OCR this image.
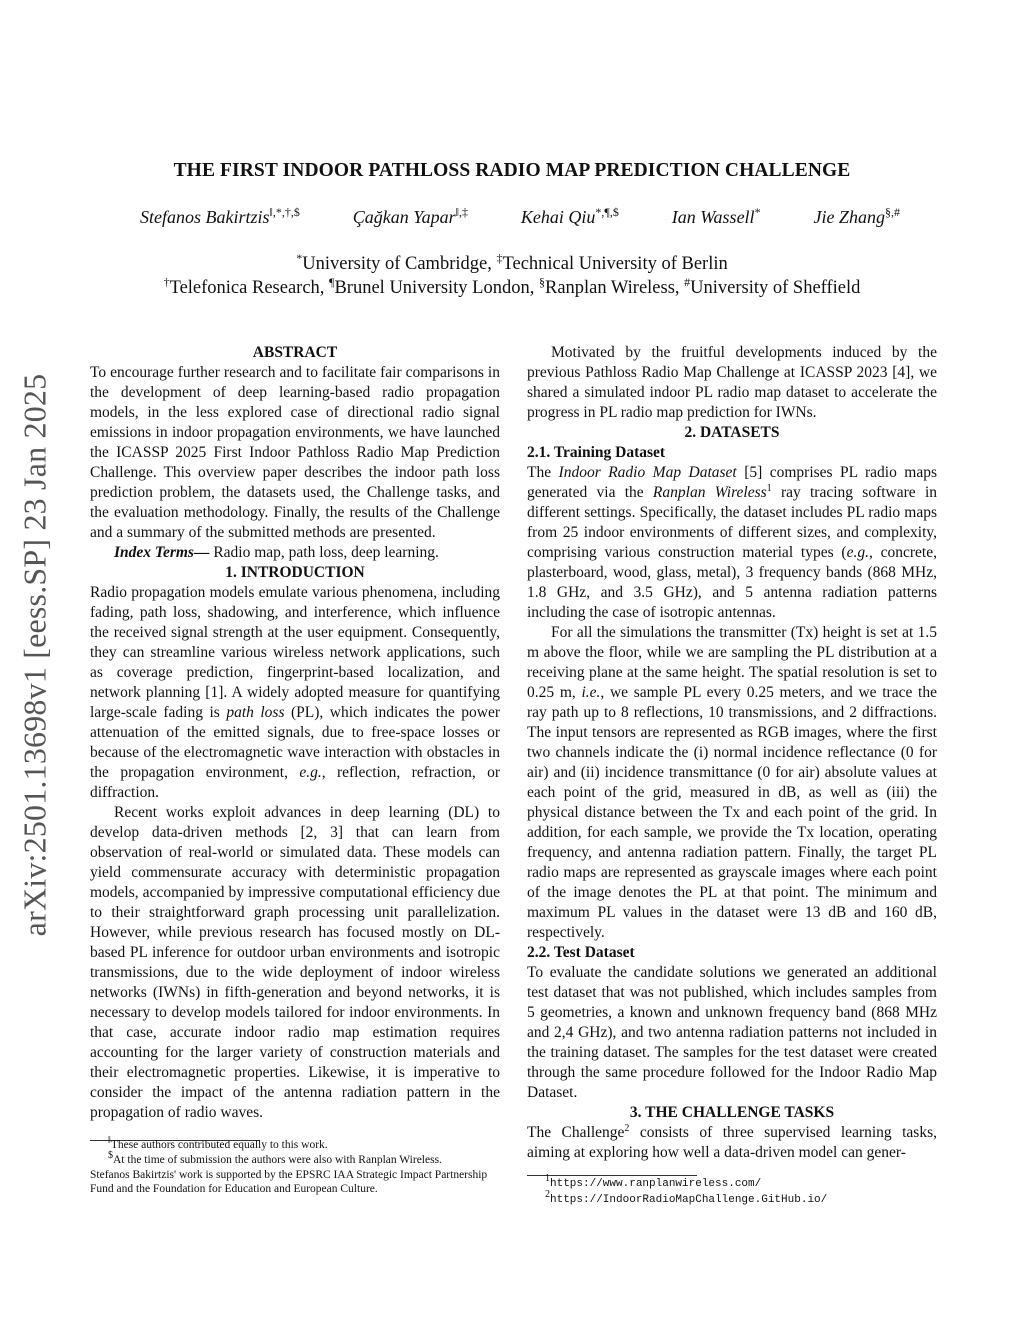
arXiv:2501.13698v1 [eess.SP] 23 Jan 2025
THE FIRST INDOOR PATHLOSS RADIO MAP PREDICTION CHALLENGE
Stefanos Bakirtzis‖,*,†,$	Çağkan Yapar‖,‡	Kehai Qiu*,¶,$	Ian Wassell*	Jie Zhang§,#
*University of Cambridge, ‡Technical University of Berlin
†Telefonica Research, ¶Brunel University London, §Ranplan Wireless, #University of Sheffield
ABSTRACT

To encourage further research and to facilitate fair comparisons in the development of deep learning-based radio propagation models, in the less explored case of directional radio signal emissions in indoor propagation environments, we have launched the ICASSP 2025 First Indoor Pathloss Radio Map Prediction Challenge. This overview paper describes the indoor path loss prediction problem, the datasets used, the Challenge tasks, and the evaluation methodology. Finally, the results of the Challenge and a summary of the submitted methods are presented.

Index Terms— Radio map, path loss, deep learning.

1. INTRODUCTION

Radio propagation models emulate various phenomena, including fading, path loss, shadowing, and interference, which influence the received signal strength at the user equipment. Consequently, they can streamline various wireless network applications, such as coverage prediction, fingerprint-based localization, and network planning [1]. A widely adopted measure for quantifying large-scale fading is path loss (PL), which indicates the power attenuation of the emitted signals, due to free-space losses or because of the electromagnetic wave interaction with obstacles in the propagation environment, e.g., reflection, refraction, or diffraction.

Recent works exploit advances in deep learning (DL) to develop data-driven methods [2, 3] that can learn from observation of real-world or simulated data. These models can yield commensurate accuracy with deterministic propagation models, accompanied by impressive computational efficiency due to their straightforward graph processing unit parallelization. However, while previous research has focused mostly on DL-based PL inference for outdoor urban environments and isotropic transmissions, due to the wide deployment of indoor wireless networks (IWNs) in fifth-generation and beyond networks, it is necessary to develop models tailored for indoor environments. In that case, accurate indoor radio map estimation requires accounting for the larger variety of construction materials and their electromagnetic properties. Likewise, it is imperative to consider the impact of the antenna radiation pattern in the propagation of radio waves.

‖These authors contributed equally to this work.

$At the time of submission the authors were also with Ranplan Wireless.

Stefanos Bakirtzis' work is supported by the EPSRC IAA Strategic Impact Partnership Fund and the Foundation for Education and European Culture.

Motivated by the fruitful developments induced by the previous Pathloss Radio Map Challenge at ICASSP 2023 [4], we shared a simulated indoor PL radio map dataset to accelerate the progress in PL radio map prediction for IWNs.

2. DATASETS
2.1. Training Dataset

The Indoor Radio Map Dataset [5] comprises PL radio maps generated via the Ranplan Wireless$^1$ ray tracing software in different settings. Specifically, the dataset includes PL radio maps from 25 indoor environments of different sizes, and complexity, comprising various construction material types (e.g., concrete, plasterboard, wood, glass, metal), 3 frequency bands (868 MHz, 1.8 GHz, and 3.5 GHz), and 5 antenna radiation patterns including the case of isotropic antennas.

For all the simulations the transmitter (Tx) height is set at 1.5 m above the floor, while we are sampling the PL distribution at a receiving plane at the same height. The spatial resolution is set to 0.25 m, i.e., we sample PL every 0.25 meters, and we trace the ray path up to 8 reflections, 10 transmissions, and 2 diffractions. The input tensors are represented as RGB images, where the first two channels indicate the (i) normal incidence reflectance (0 for air) and (ii) incidence transmittance (0 for air) absolute values at each point of the grid, measured in dB, as well as (iii) the physical distance between the Tx and each point of the grid. In addition, for each sample, we provide the Tx location, operating frequency, and antenna radiation pattern. Finally, the target PL radio maps are represented as grayscale images where each point of the image denotes the PL at that point. The minimum and maximum PL values in the dataset were 13 dB and 160 dB, respectively.

2.2. Test Dataset

To evaluate the candidate solutions we generated an additional test dataset that was not published, which includes samples from 5 geometries, a known and unknown frequency band (868 MHz and 2,4 GHz), and two antenna radiation patterns not included in the training dataset. The samples for the test dataset were created through the same procedure followed for the Indoor Radio Map Dataset.

3. THE CHALLENGE TASKS

The Challenge$^2$ consists of three supervised learning tasks, aiming at exploring how well a data-driven model can gener-

$^1$https://www.ranplanwireless.com/

$^2$https://IndoorRadioMapChallenge.GitHub.io/
